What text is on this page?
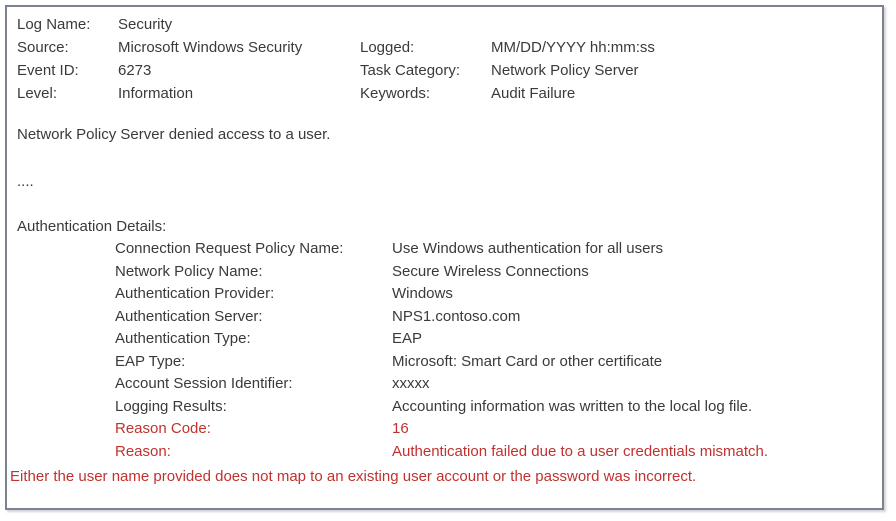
Log Name:	Security
Source:	Microsoft Windows Security	Logged:	MM/DD/YYYY hh:mm:ss
Event ID:	6273	Task Category:	Network Policy Server
Level:	Information	Keywords:	Audit Failure

Network Policy Server denied access to a user.

....

Authentication Details:

Connection Request Policy Name:	Use Windows authentication for all users
Network Policy Name:	Secure Wireless Connections
Authentication Provider:	Windows
Authentication Server:	NPS1.contoso.com
Authentication Type:	EAP
EAP Type:	Microsoft: Smart Card or other certificate
Account Session Identifier:	xxxxx
Logging Results:	Accounting information was written to the local log file.
Reason Code:	16
Reason:	Authentication failed due to a user credentials mismatch.

Either the user name provided does not map to an existing user account or the password was incorrect.
